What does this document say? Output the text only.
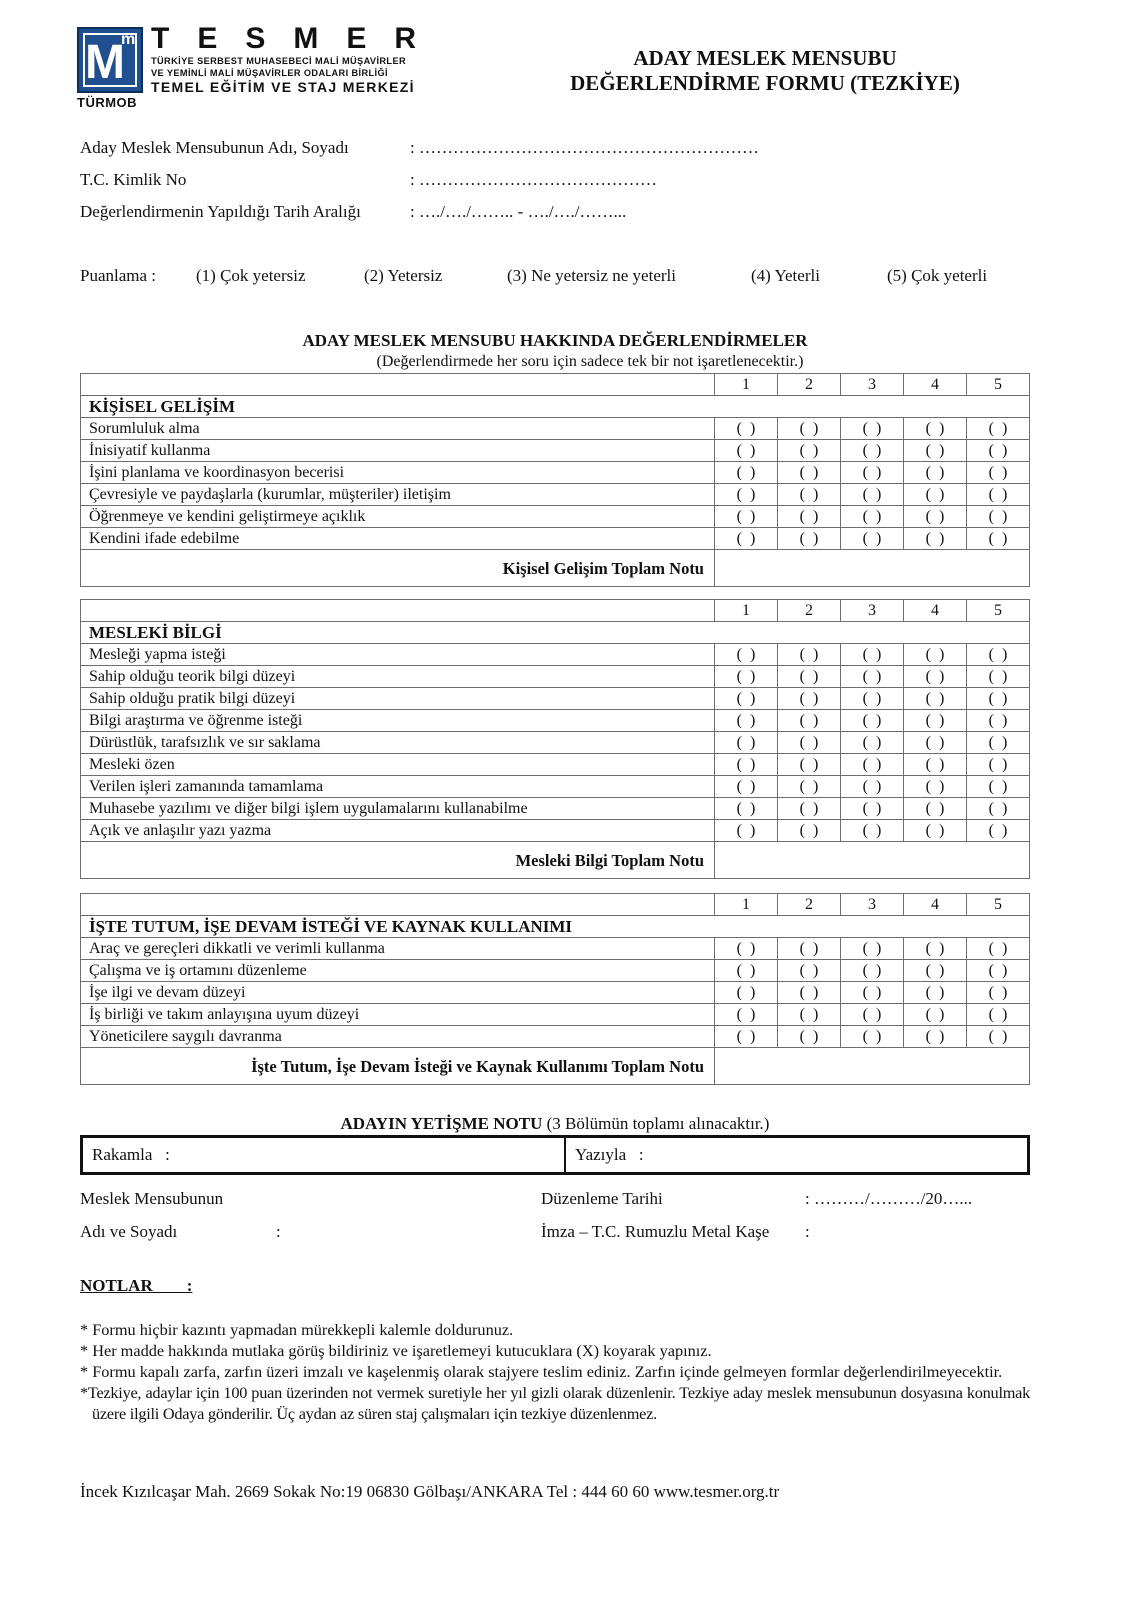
M
m
TÜRMOB
TESMER
TÜRKİYE SERBEST MUHASEBECİ MALİ MÜŞAVİRLER
VE YEMİNLİ MALİ MÜŞAVİRLER ODALARI BİRLİĞİ
TEMEL EĞİTİM VE STAJ MERKEZİ
ADAY MESLEK MENSUBU
DEĞERLENDİRME FORMU (TEZKİYE)
Aday Meslek Mensubunun Adı, Soyadı	: ……………………………………………………
T.C. Kimlik No	: ……………………………………
Değerlendirmenin Yapıldığı Tarih Aralığı	: …./…./…….. - …./…./……...
Puanlama : (1) Çok yetersiz	(2) Yetersiz	(3) Ne yetersiz ne yeterli	(4) Yeterli	(5) Çok yeterli
ADAY MESLEK MENSUBU HAKKINDA DEĞERLENDİRMELER
(Değerlendirmede her soru için sadece tek bir not işaretlenecektir.)
	1	2	3	4	5
KİŞİSEL GELİŞİM					
Sorumluluk alma	(  )	(  )	(  )	(  )	(  )
İnisiyatif kullanma	(  )	(  )	(  )	(  )	(  )
İşini planlama ve koordinasyon becerisi	(  )	(  )	(  )	(  )	(  )
Çevresiyle ve paydaşlarla (kurumlar, müşteriler) iletişim	(  )	(  )	(  )	(  )	(  )
Öğrenmeye ve kendini geliştirmeye açıklık	(  )	(  )	(  )	(  )	(  )
Kendini ifade edebilme	(  )	(  )	(  )	(  )	(  )
Kişisel Gelişim Toplam Notu					
	1	2	3	4	5
MESLEKİ BİLGİ					
Mesleği yapma isteği	(  )	(  )	(  )	(  )	(  )
Sahip olduğu teorik bilgi düzeyi	(  )	(  )	(  )	(  )	(  )
Sahip olduğu pratik bilgi düzeyi	(  )	(  )	(  )	(  )	(  )
Bilgi araştırma ve öğrenme isteği	(  )	(  )	(  )	(  )	(  )
Dürüstlük, tarafsızlık ve sır saklama	(  )	(  )	(  )	(  )	(  )
Mesleki özen	(  )	(  )	(  )	(  )	(  )
Verilen işleri zamanında tamamlama	(  )	(  )	(  )	(  )	(  )
Muhasebe yazılımı ve diğer bilgi işlem uygulamalarını kullanabilme	(  )	(  )	(  )	(  )	(  )
Açık ve anlaşılır yazı yazma	(  )	(  )	(  )	(  )	(  )
Mesleki Bilgi Toplam Notu					
	1	2	3	4	5
İŞTE TUTUM, İŞE DEVAM İSTEĞİ VE KAYNAK KULLANIMI					
Araç ve gereçleri dikkatli ve verimli kullanma	(  )	(  )	(  )	(  )	(  )
Çalışma ve iş ortamını düzenleme	(  )	(  )	(  )	(  )	(  )
İşe ilgi ve devam düzeyi	(  )	(  )	(  )	(  )	(  )
İş birliği ve takım anlayışına uyum düzeyi	(  )	(  )	(  )	(  )	(  )
Yöneticilere saygılı davranma	(  )	(  )	(  )	(  )	(  )
İşte Tutum, İşe Devam İsteği ve Kaynak Kullanımı Toplam Notu					
ADAYIN YETİŞME NOTU (3 Bölümün toplamı alınacaktır.)
Rakamla   :	Yazıyla   :
Meslek Mensubunun
Adı ve Soyadı	:
Düzenleme Tarihi	: ………/………/20…...
İmza – T.C. Rumuzlu Metal Kaşe :
NOTLAR        :

* Formu hiçbir kazıntı yapmadan mürekkepli kalemle doldurunuz.

* Her madde hakkında mutlaka görüş bildiriniz ve işaretlemeyi kutucuklara (X) koyarak yapınız.

* Formu kapalı zarfa, zarfın üzeri imzalı ve kaşelenmiş olarak stajyere teslim ediniz. Zarfın içinde gelmeyen formlar değerlendirilmeyecektir.

*Tezkiye, adaylar için 100 puan üzerinden not vermek suretiyle her yıl gizli olarak düzenlenir. Tezkiye aday meslek mensubunun dosyasına konulmak üzere ilgili Odaya gönderilir. Üç aydan az süren staj çalışmaları için tezkiye düzenlenmez.

İncek Kızılcaşar Mah. 2669 Sokak No:19 06830 Gölbaşı/ANKARA Tel : 444 60 60 www.tesmer.org.tr
